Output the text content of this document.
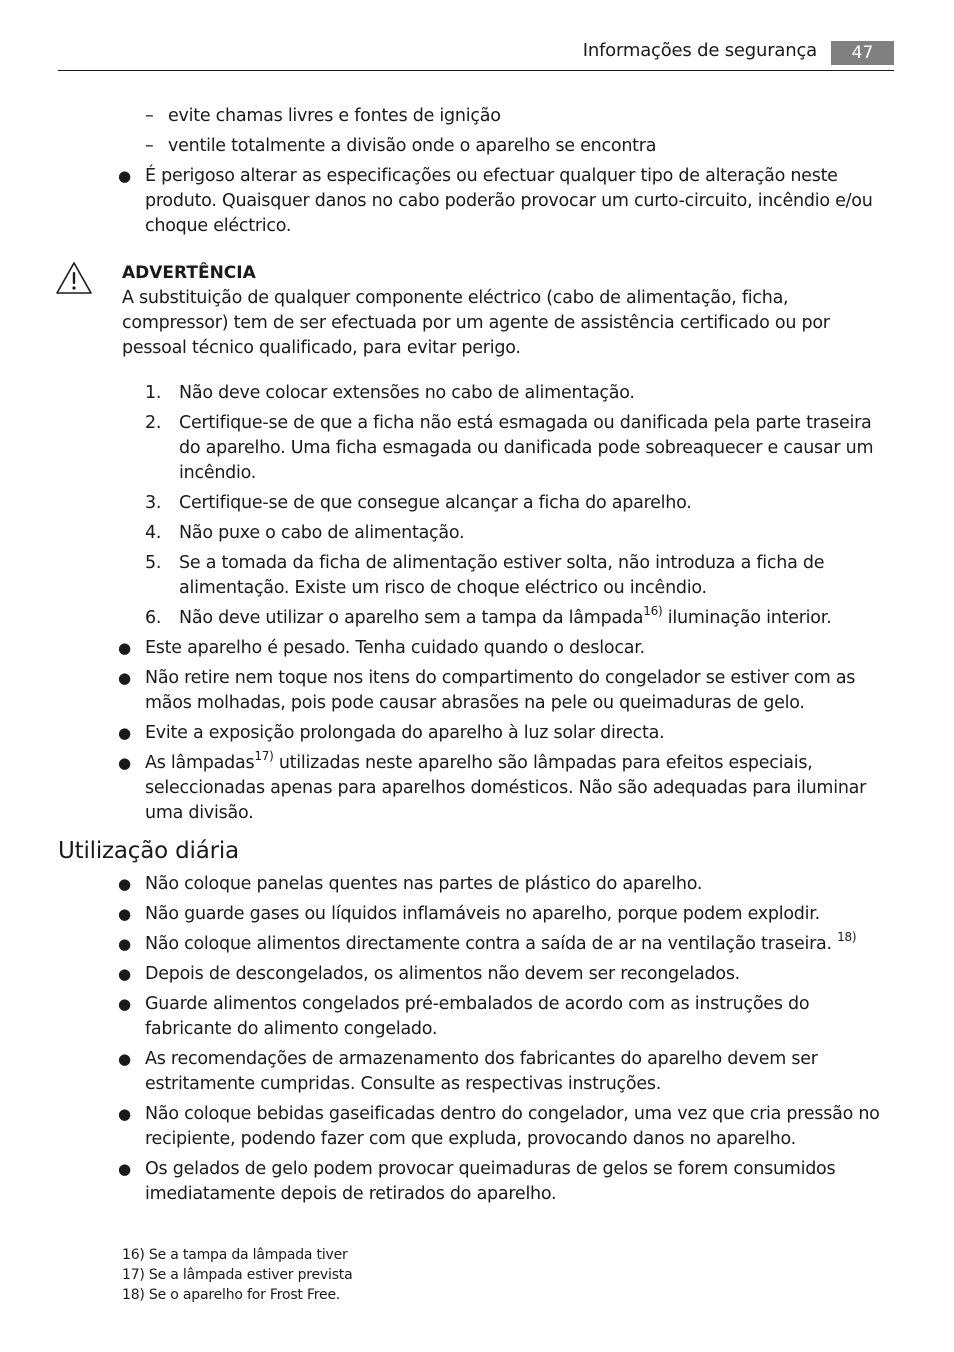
Informações de segurança	47
– evite chamas livres e fontes de ignição
– ventile totalmente a divisão onde o aparelho se encontra
● É perigoso alterar as especificações ou efectuar qualquer tipo de alteração neste produto. Quaisquer danos no cabo poderão provocar um curto-circuito, incêndio e/ou choque eléctrico.
ADVERTÊNCIA
A substituição de qualquer componente eléctrico (cabo de alimentação, ficha, compressor) tem de ser efectuada por um agente de assistência certificado ou por pessoal técnico qualificado, para evitar perigo.
1. Não deve colocar extensões no cabo de alimentação.
2. Certifique-se de que a ficha não está esmagada ou danificada pela parte traseira do aparelho. Uma ficha esmagada ou danificada pode sobreaquecer e causar um incêndio.
3. Certifique-se de que consegue alcançar a ficha do aparelho.
4. Não puxe o cabo de alimentação.
5. Se a tomada da ficha de alimentação estiver solta, não introduza a ficha de alimentação. Existe um risco de choque eléctrico ou incêndio.
6. Não deve utilizar o aparelho sem a tampa da lâmpada$^{16)}$ iluminação interior.
● Este aparelho é pesado. Tenha cuidado quando o deslocar.
● Não retire nem toque nos itens do compartimento do congelador se estiver com as mãos molhadas, pois pode causar abrasões na pele ou queimaduras de gelo.
● Evite a exposição prolongada do aparelho à luz solar directa.
● As lâmpadas$^{17)}$ utilizadas neste aparelho são lâmpadas para efeitos especiais, seleccionadas apenas para aparelhos domésticos. Não são adequadas para iluminar uma divisão.
Utilização diária
● Não coloque panelas quentes nas partes de plástico do aparelho.
● Não guarde gases ou líquidos inflamáveis no aparelho, porque podem explodir.
● Não coloque alimentos directamente contra a saída de ar na ventilação traseira. $^{18)}$
● Depois de descongelados, os alimentos não devem ser recongelados.
● Guarde alimentos congelados pré-embalados de acordo com as instruções do fabricante do alimento congelado.
● As recomendações de armazenamento dos fabricantes do aparelho devem ser estritamente cumpridas. Consulte as respectivas instruções.
● Não coloque bebidas gaseificadas dentro do congelador, uma vez que cria pressão no recipiente, podendo fazer com que expluda, provocando danos no aparelho.
● Os gelados de gelo podem provocar queimaduras de gelos se forem consumidos imediatamente depois de retirados do aparelho.
16) Se a tampa da lâmpada tiver
17) Se a lâmpada estiver prevista
18) Se o aparelho for Frost Free.
